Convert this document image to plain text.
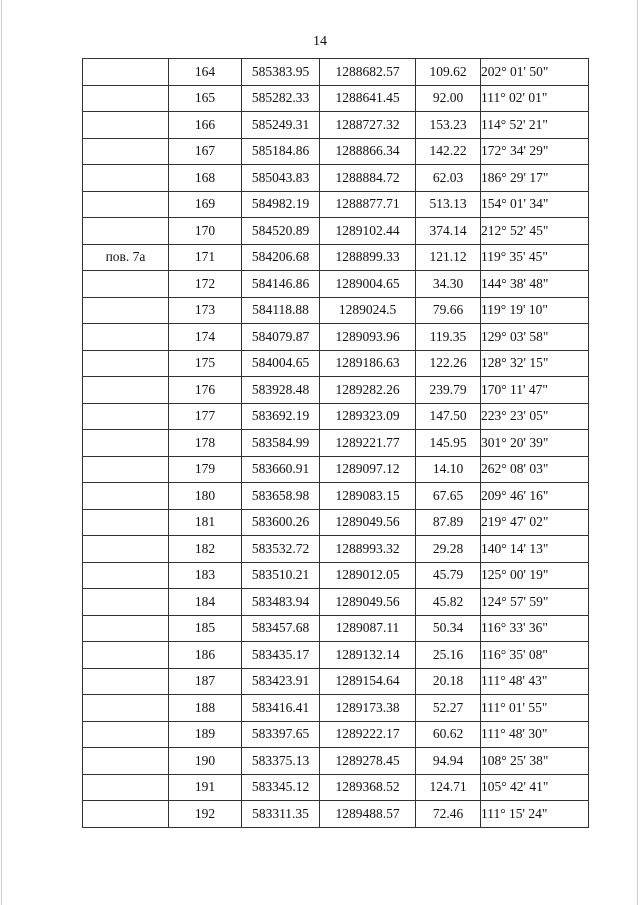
14
	164	585383.95	1288682.57	109.62	202° 01' 50"
	165	585282.33	1288641.45	92.00	111° 02' 01"
	166	585249.31	1288727.32	153.23	114° 52' 21"
	167	585184.86	1288866.34	142.22	172° 34' 29"
	168	585043.83	1288884.72	62.03	186° 29' 17"
	169	584982.19	1288877.71	513.13	154° 01' 34"
	170	584520.89	1289102.44	374.14	212° 52' 45"
пов. 7а	171	584206.68	1288899.33	121.12	119° 35' 45"
	172	584146.86	1289004.65	34.30	144° 38' 48"
	173	584118.88	1289024.5	79.66	119° 19' 10"
	174	584079.87	1289093.96	119.35	129° 03' 58"
	175	584004.65	1289186.63	122.26	128° 32' 15"
	176	583928.48	1289282.26	239.79	170° 11' 47"
	177	583692.19	1289323.09	147.50	223° 23' 05"
	178	583584.99	1289221.77	145.95	301° 20' 39"
	179	583660.91	1289097.12	14.10	262° 08' 03"
	180	583658.98	1289083.15	67.65	209° 46' 16"
	181	583600.26	1289049.56	87.89	219° 47' 02"
	182	583532.72	1288993.32	29.28	140° 14' 13"
	183	583510.21	1289012.05	45.79	125° 00' 19"
	184	583483.94	1289049.56	45.82	124° 57' 59"
	185	583457.68	1289087.11	50.34	116° 33' 36"
	186	583435.17	1289132.14	25.16	116° 35' 08"
	187	583423.91	1289154.64	20.18	111° 48' 43"
	188	583416.41	1289173.38	52.27	111° 01' 55"
	189	583397.65	1289222.17	60.62	111° 48' 30"
	190	583375.13	1289278.45	94.94	108° 25' 38"
	191	583345.12	1289368.52	124.71	105° 42' 41"
	192	583311.35	1289488.57	72.46	111° 15' 24"
